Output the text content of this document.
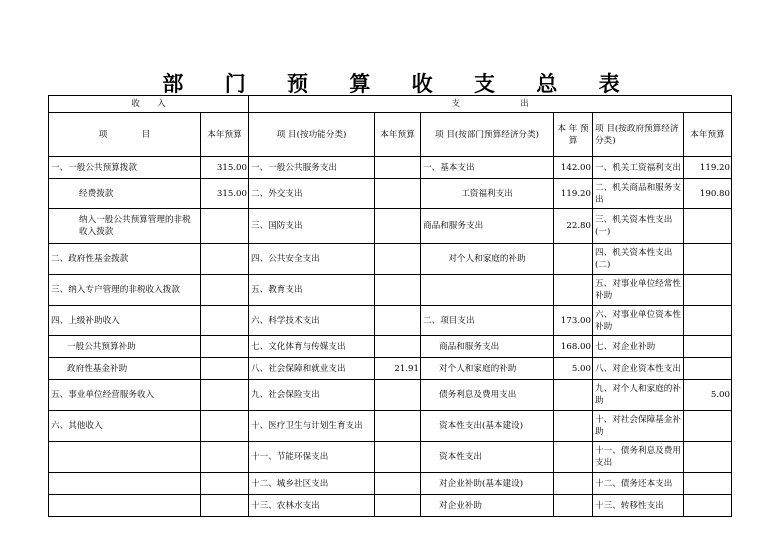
部 门 预 算 收 支 总 表
收　　入		支　　　　　　　出					
项　　　　目	本年预算	项 目(按功能分类)	本年预算	项 目(按部门预算经济分类)	本 年 预 算	项 目(按政府预算经济分类)	本年预算
一、一般公共预算拨款	315.00	一、一般公共服务支出		一、基本支出	142.00	一、机关工资福利支出	119.20
经费拨款	315.00	二、外交支出		工资福利支出	119.20	二、机关商品和服务支出	190.80
纳入一般公共预算管理的非税收入拨款		三、国防支出		商品和服务支出	22.80	三、机关资本性支出(一)	
二、政府性基金拨款		四、公共安全支出		对个人和家庭的补助		四、机关资本性支出(二)	
三、纳入专户管理的非税收入拨款		五、教育支出				五、对事业单位经常性补助	
四、上级补助收入		六、科学技术支出		二、项目支出	173.00	六、对事业单位资本性补助	
一般公共预算补助		七、文化体育与传媒支出		商品和服务支出	168.00	七、对企业补助	
政府性基金补助		八、社会保障和就业支出	21.91	对个人和家庭的补助	5.00	八、对企业资本性支出	
五、事业单位经营服务收入		九、社会保险支出		债务利息及费用支出		九、对个人和家庭的补助	5.00
六、其他收入		十、医疗卫生与计划生育支出		资本性支出(基本建设)		十、对社会保障基金补助	
		十一、节能环保支出		资本性支出		十一、债务利息及费用支出	
		十二、城乡社区支出		对企业补助(基本建设)		十二、债务还本支出	
		十三、农林水支出		对企业补助		十三、转移性支出	
